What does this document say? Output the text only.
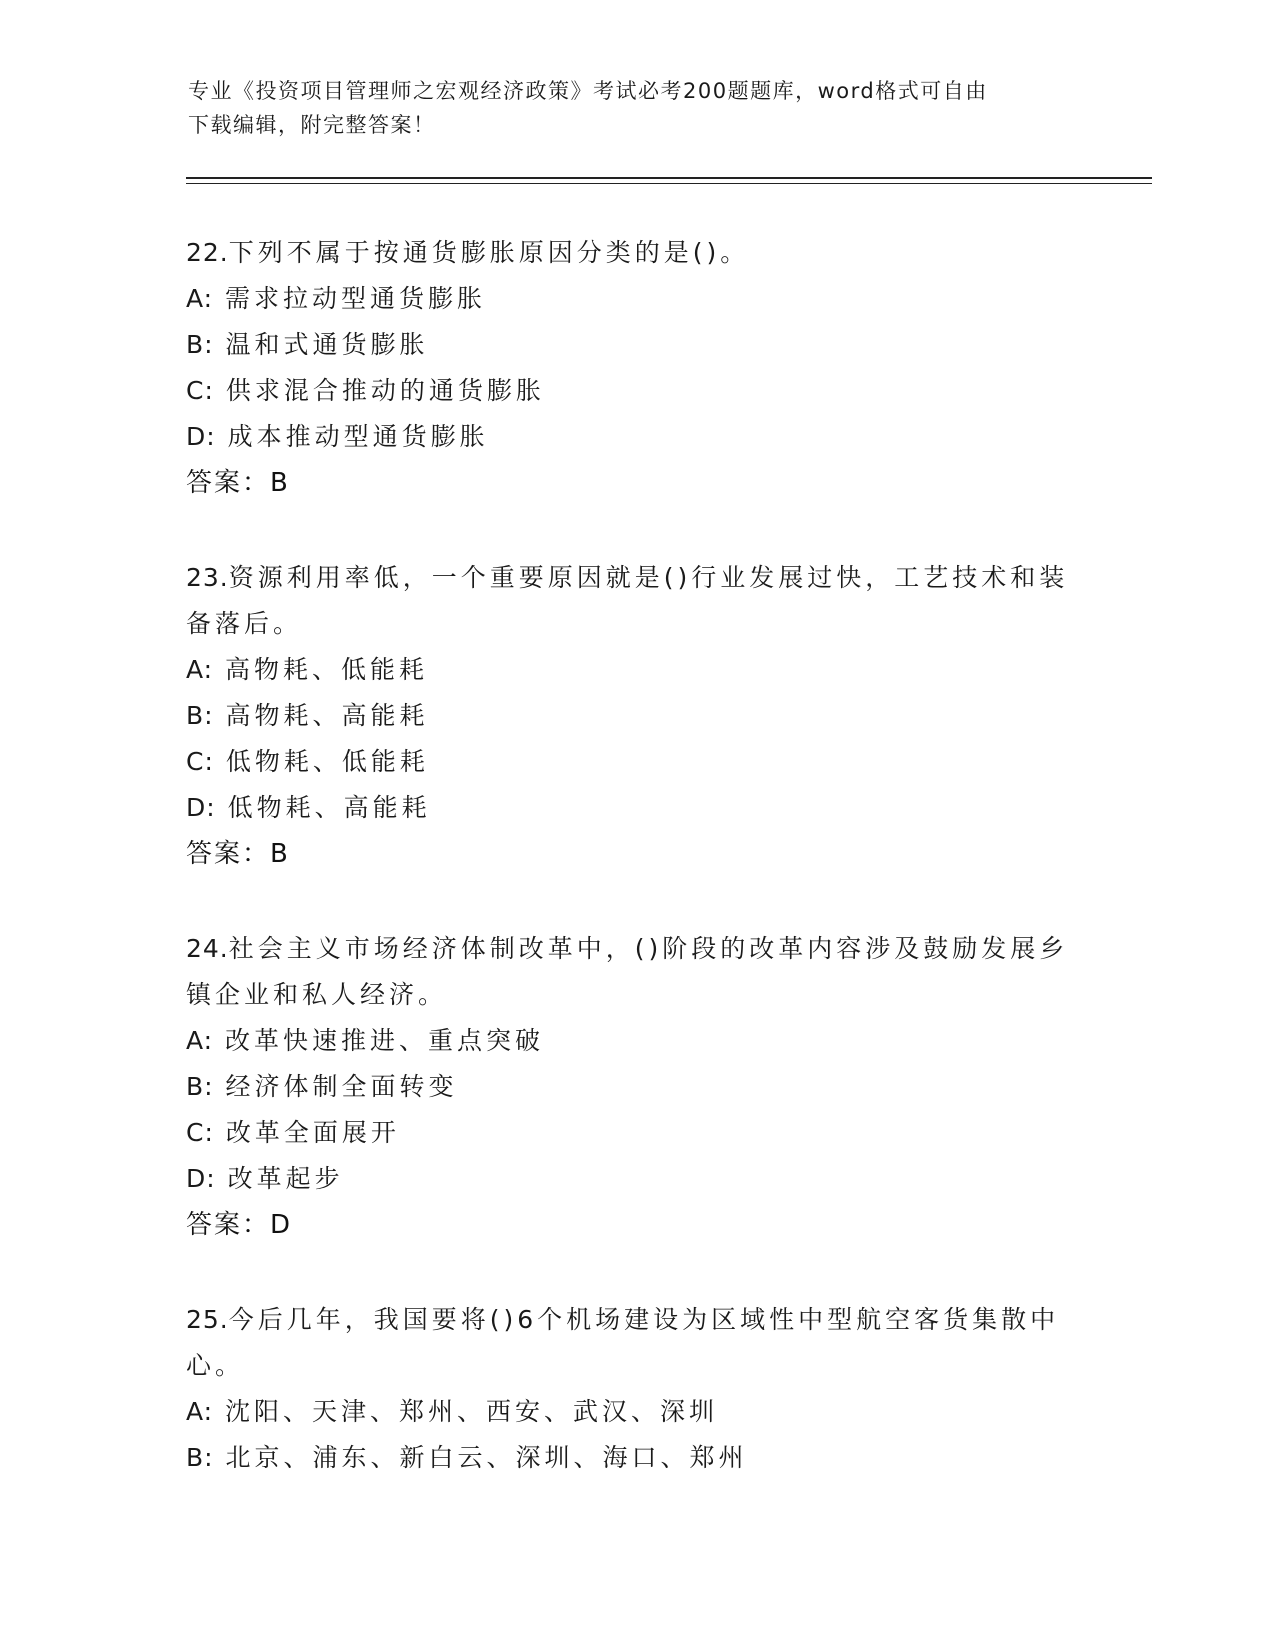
专业《投资项目管理师之宏观经济政策》考试必考200题题库，word格式可自由
下载编辑，附完整答案！
22.下列不属于按通货膨胀原因分类的是()。
A: 需求拉动型通货膨胀
B: 温和式通货膨胀
C: 供求混合推动的通货膨胀
D: 成本推动型通货膨胀
答案：B
23.资源利用率低，一个重要原因就是()行业发展过快，工艺技术和装
备落后。
A: 高物耗、低能耗
B: 高物耗、高能耗
C: 低物耗、低能耗
D: 低物耗、高能耗
答案：B
24.社会主义市场经济体制改革中，()阶段的改革内容涉及鼓励发展乡
镇企业和私人经济。
A: 改革快速推进、重点突破
B: 经济体制全面转变
C: 改革全面展开
D: 改革起步
答案：D
25.今后几年，我国要将()6个机场建设为区域性中型航空客货集散中
心。
A: 沈阳、天津、郑州、西安、武汉、深圳
B: 北京、浦东、新白云、深圳、海口、郑州
